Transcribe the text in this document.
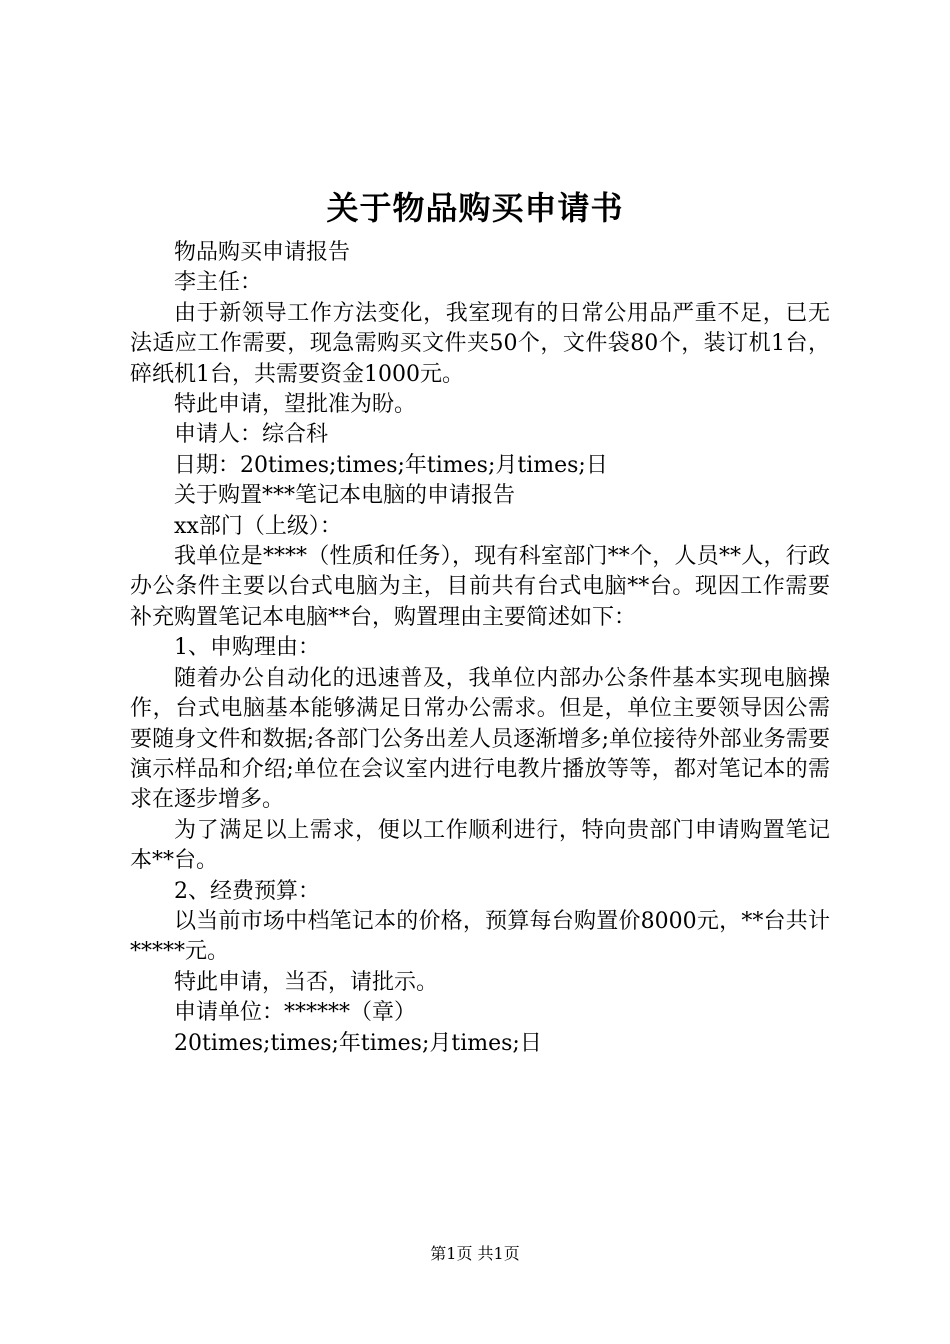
关于物品购买申请书

物品购买申请报告

李主任：

由于新领导工作方法变化，我室现有的日常公用品严重不足，已无法适应工作需要，现急需购买文件夹50个，文件袋80个，装订机1台，碎纸机1台，共需要资金1000元。

特此申请，望批准为盼。

申请人：综合科

日期：20times;times;年times;月times;日

关于购置***笔记本电脑的申请报告

xx部门（上级）：

我单位是****（性质和任务），现有科室部门**个，人员**人，行政办公条件主要以台式电脑为主，目前共有台式电脑**台。现因工作需要补充购置笔记本电脑**台，购置理由主要简述如下：

1、申购理由：

随着办公自动化的迅速普及，我单位内部办公条件基本实现电脑操作，台式电脑基本能够满足日常办公需求。但是，单位主要领导因公需要随身文件和数据;各部门公务出差人员逐渐增多;单位接待外部业务需要演示样品和介绍;单位在会议室内进行电教片播放等等，都对笔记本的需求在逐步增多。

为了满足以上需求，便以工作顺利进行，特向贵部门申请购置笔记本**台。

2、经费预算：

以当前市场中档笔记本的价格，预算每台购置价8000元，**台共计*****元。

特此申请，当否，请批示。

申请单位：******（章）

20times;times;年times;月times;日

第1页 共1页
